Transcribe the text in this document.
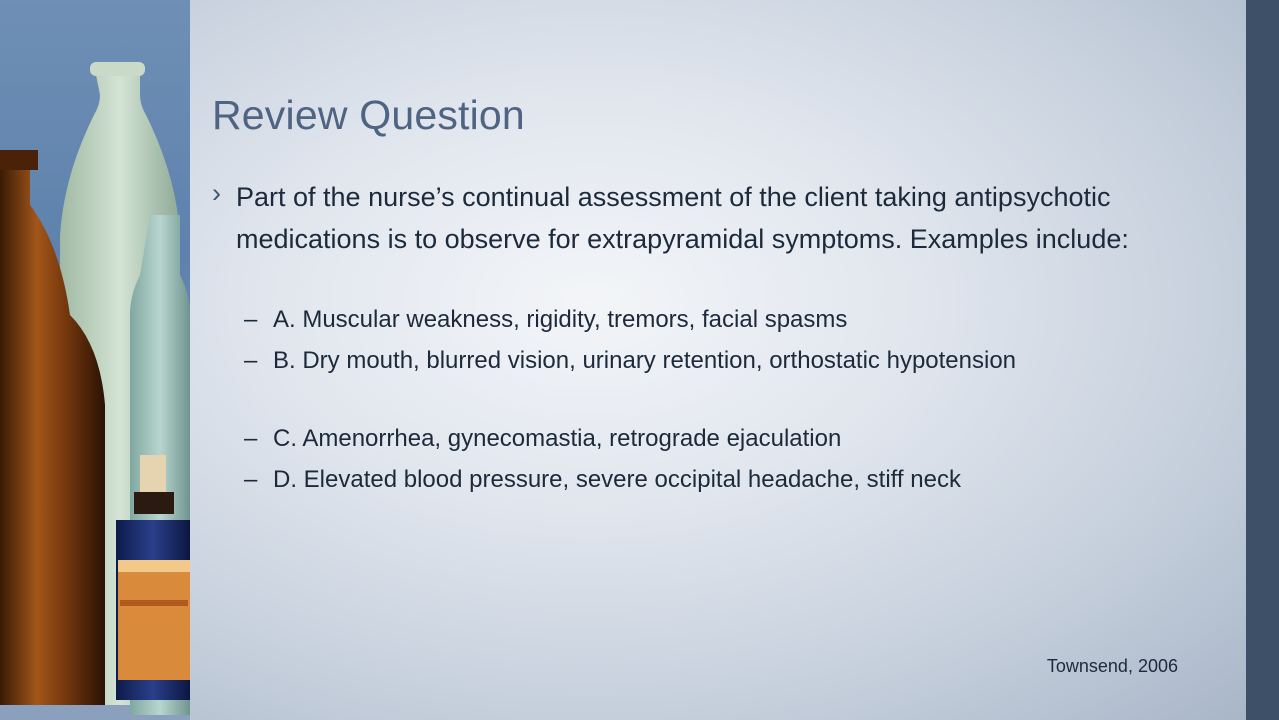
Review Question
› Part of the nurse’s continual assessment of the client taking antipsychotic medications is to observe for extrapyramidal symptoms. Examples include:
– A. Muscular weakness, rigidity, tremors, facial spasms
– B. Dry mouth, blurred vision, urinary retention, orthostatic hypotension
– C. Amenorrhea, gynecomastia, retrograde ejaculation
– D. Elevated blood pressure, severe occipital headache, stiff neck
Townsend, 2006
